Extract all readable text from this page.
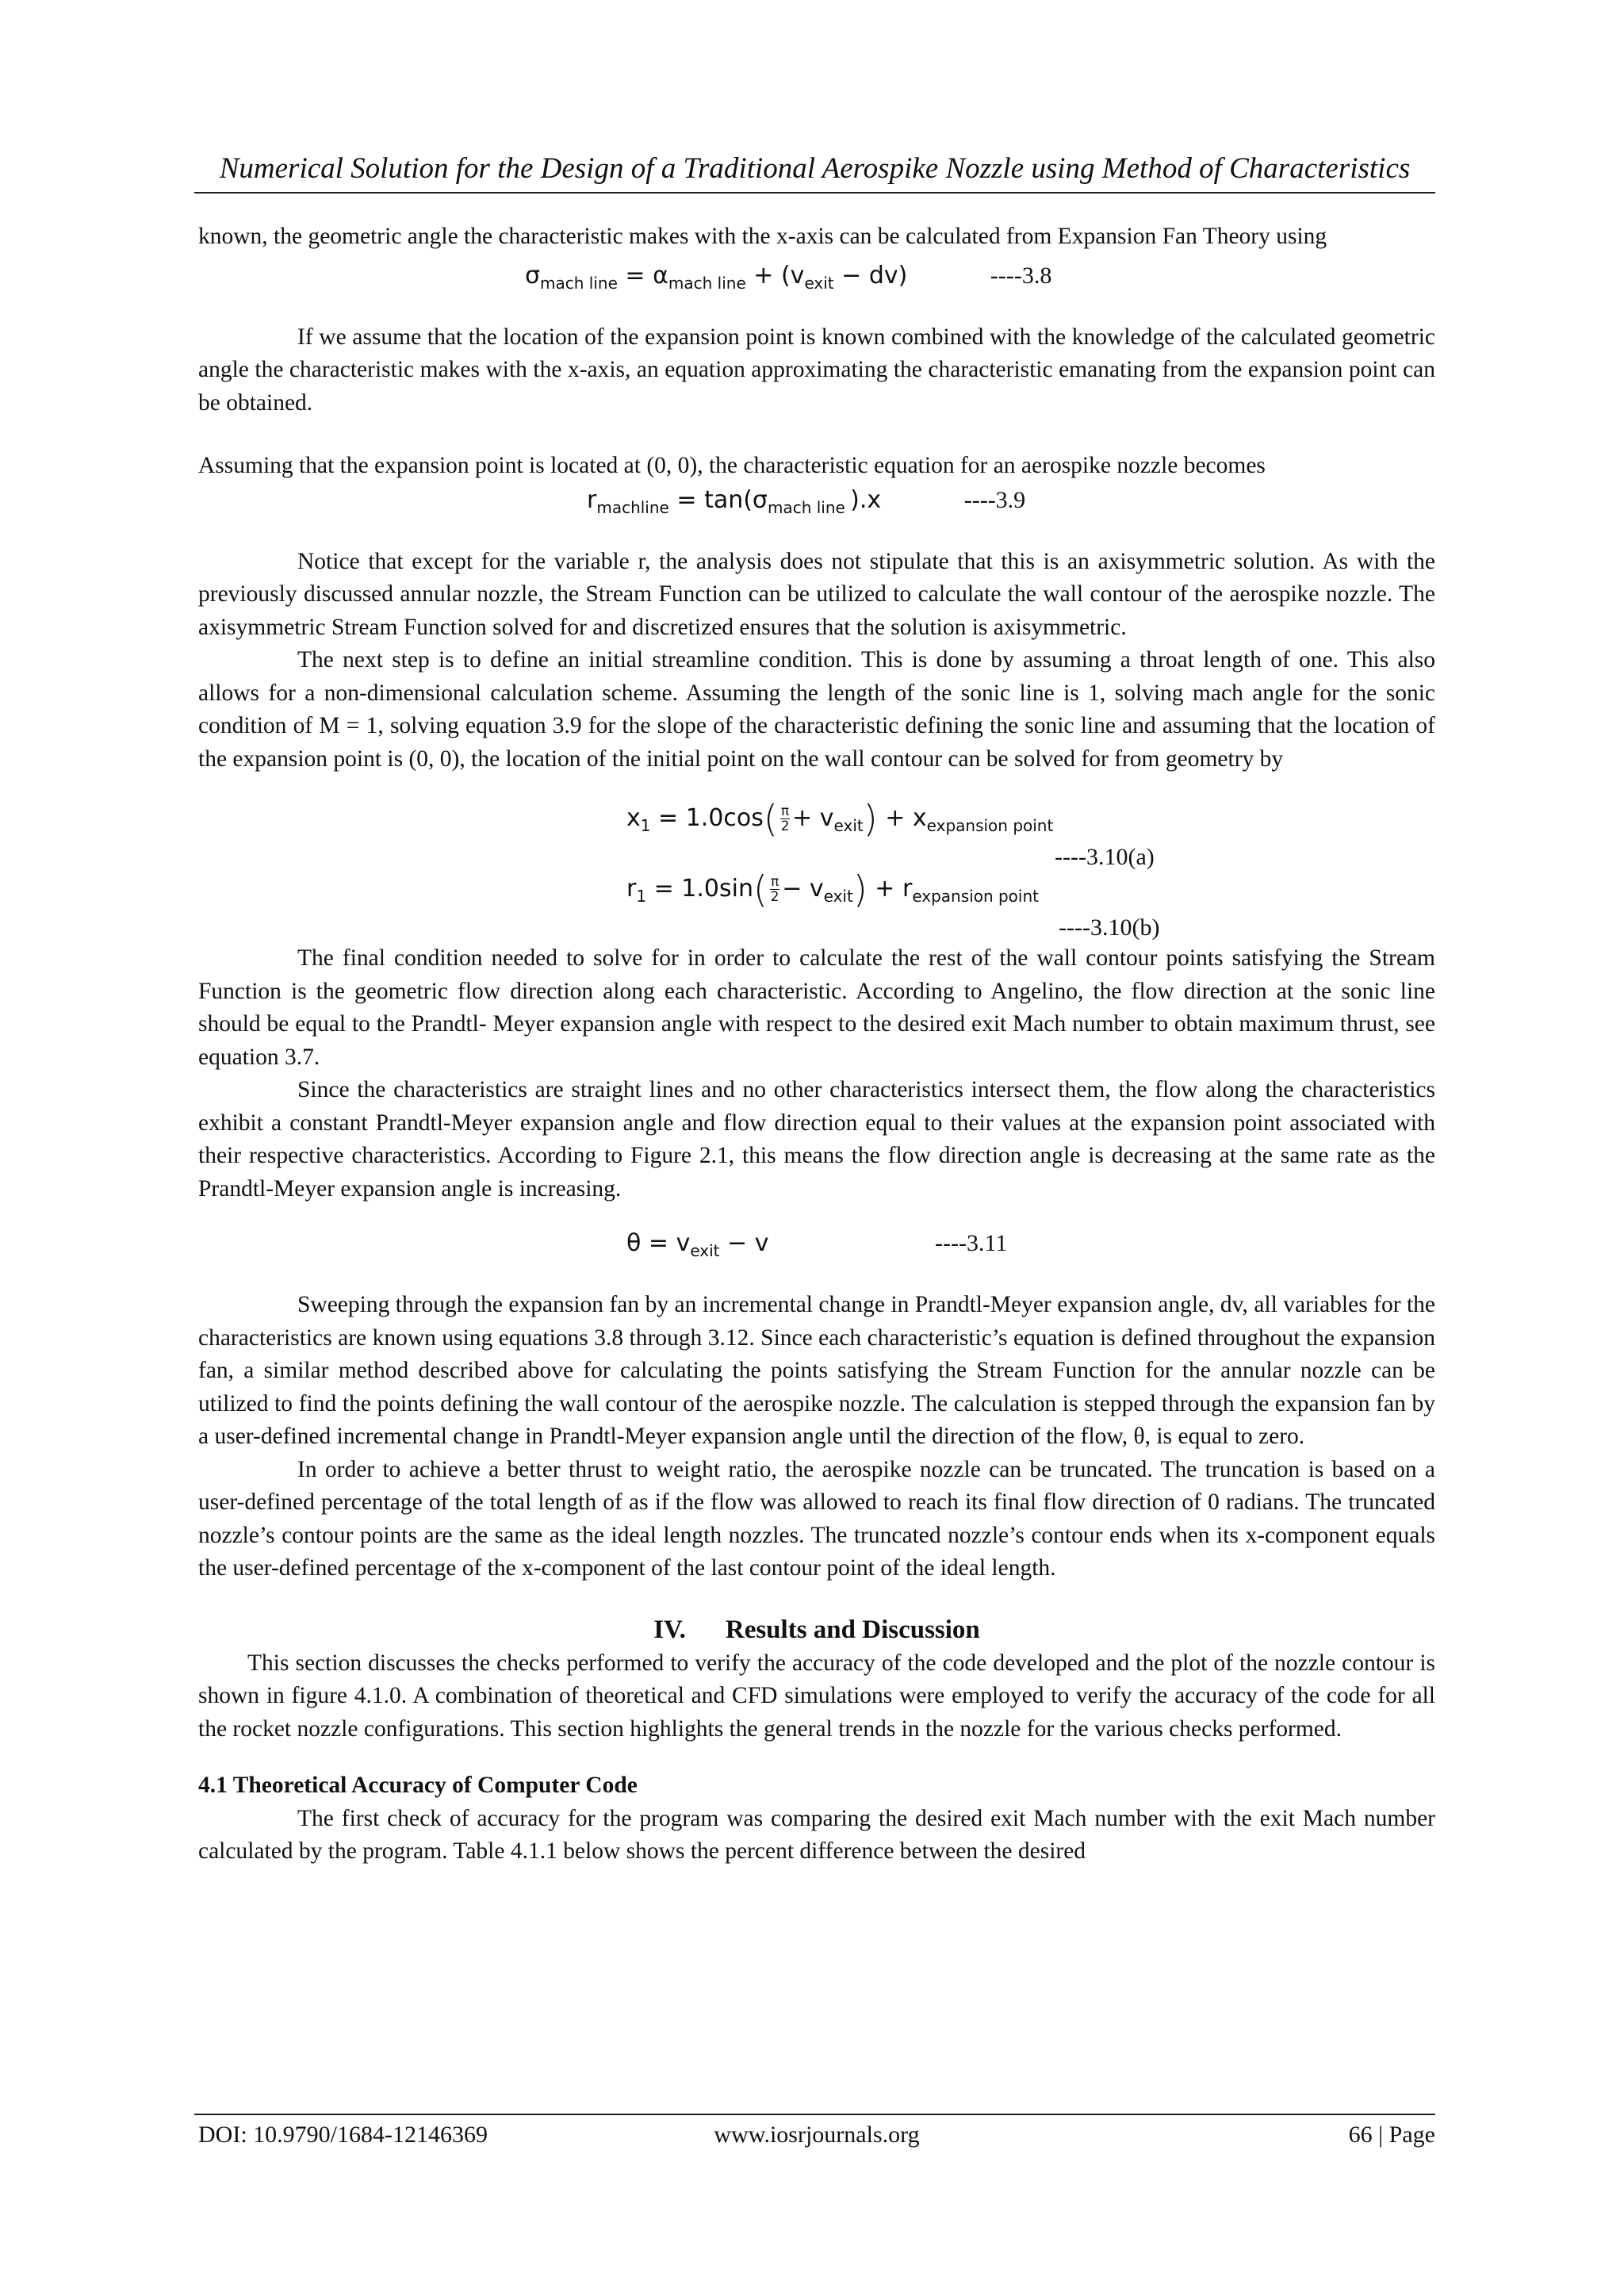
Numerical Solution for the Design of a Traditional Aerospike Nozzle using Method of Characteristics

known, the geometric angle the characteristic makes with the x-axis can be calculated from Expansion Fan Theory using

$\sigma_{mach line} = \alpha_{mach line} + (v_{exit} - dv)$	----3.8

If we assume that the location of the expansion point is known combined with the knowledge of the calculated geometric angle the characteristic makes with the x-axis, an equation approximating the characteristic emanating from the expansion point can be obtained.

Assuming that the expansion point is located at (0, 0), the characteristic equation for an aerospike nozzle becomes

$r_{machline}$ = $\tan⁡(\sigma_{mach line}$ ).x	----3.9

Notice that except for the variable r, the analysis does not stipulate that this is an axisymmetric solution. As with the previously discussed annular nozzle, the Stream Function can be utilized to calculate the wall contour of the aerospike nozzle. The axisymmetric Stream Function solved for and discretized ensures that the solution is axisymmetric.

The next step is to define an initial streamline condition. This is done by assuming a throat length of one. This also allows for a non-dimensional calculation scheme. Assuming the length of the sonic line is 1, solving mach angle for the sonic condition of M = 1, solving equation 3.9 for the slope of the characteristic defining the sonic line and assuming that the location of the expansion point is (0, 0), the location of the initial point on the wall contour can be solved for from geometry by

$x_1 = 1.0\cos( \frac{\pi}{2} + v_{exit}) + x_{expansion point}$
----3.10(a)
$r_1 = 1.0\sin( \frac{\pi}{2} - v_{exit}) + r_{expansion point}$
----3.10(b)

The final condition needed to solve for in order to calculate the rest of the wall contour points satisfying the Stream Function is the geometric flow direction along each characteristic. According to Angelino, the flow direction at the sonic line should be equal to the Prandtl- Meyer expansion angle with respect to the desired exit Mach number to obtain maximum thrust, see equation 3.7.

Since the characteristics are straight lines and no other characteristics intersect them, the flow along the characteristics exhibit a constant Prandtl-Meyer expansion angle and flow direction equal to their values at the expansion point associated with their respective characteristics. According to Figure 2.1, this means the flow direction angle is decreasing at the same rate as the Prandtl-Meyer expansion angle is increasing.

$\theta = v_{exit} - v$	----3.11

Sweeping through the expansion fan by an incremental change in Prandtl-Meyer expansion angle, dv, all variables for the characteristics are known using equations 3.8 through 3.12. Since each characteristic’s equation is defined throughout the expansion fan, a similar method described above for calculating the points satisfying the Stream Function for the annular nozzle can be utilized to find the points defining the wall contour of the aerospike nozzle. The calculation is stepped through the expansion fan by a user-defined incremental change in Prandtl-Meyer expansion angle until the direction of the flow, θ, is equal to zero.

In order to achieve a better thrust to weight ratio, the aerospike nozzle can be truncated. The truncation is based on a user-defined percentage of the total length of as if the flow was allowed to reach its final flow direction of 0 radians. The truncated nozzle’s contour points are the same as the ideal length nozzles. The truncated nozzle’s contour ends when its x-component equals the user-defined percentage of the x-component of the last contour point of the ideal length.

IV. Results and Discussion

This section discusses the checks performed to verify the accuracy of the code developed and the plot of the nozzle contour is shown in figure 4.1.0. A combination of theoretical and CFD simulations were employed to verify the accuracy of the code for all the rocket nozzle configurations. This section highlights the general trends in the nozzle for the various checks performed.

4.1 Theoretical Accuracy of Computer Code

The first check of accuracy for the program was comparing the desired exit Mach number with the exit Mach number calculated by the program. Table 4.1.1 below shows the percent difference between the desired

DOI: 10.9790/1684-12146369	www.iosrjournals.org	66 | Page
